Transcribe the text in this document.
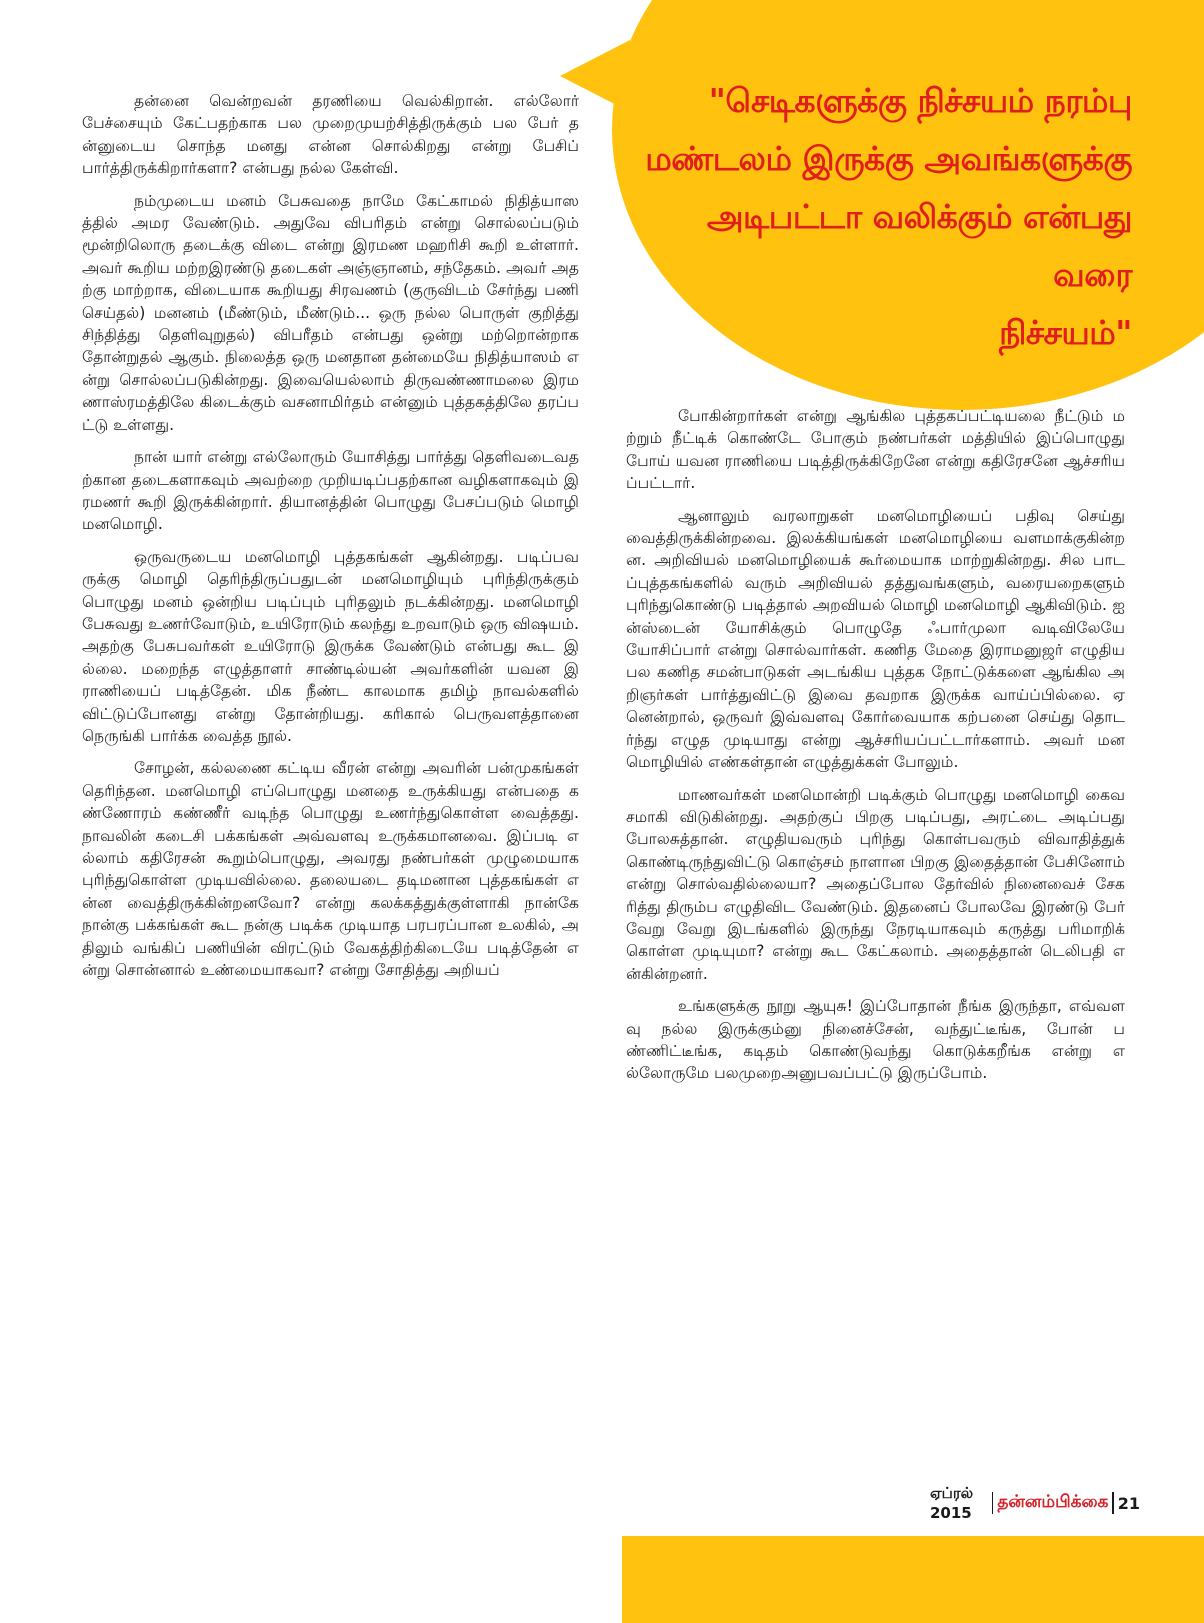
"செடிகளுக்கு நிச்சயம் நரம்பு
மண்டலம் இருக்கு அவங்களுக்கு
அடிபட்டா வலிக்கும் என்பது வரை
நிச்சயம்"

தன்னை வென்றவன் தரணியை வெல்கிறான். எல்லோர் பேச்சையும் கேட்பதற்காக பல முறைமுயற்சித்திருக்கும் பல பேர் தன்னுடைய சொந்த மனது என்ன சொல்கிறது என்று பேசிப் பார்த்திருக்கிறார்களா? என்பது நல்ல கேள்வி.

நம்முடைய மனம் பேசுவதை நாமே கேட்காமல் நிதித்யாஸத்தில் அமர வேண்டும். அதுவே விபரிதம் என்று சொல்லப்படும் மூன்றிலொரு தடைக்கு விடை என்று இரமண மஹரிசி கூறி உள்ளார். அவர் கூறிய மற்றஇரண்டு தடைகள் அஞ்ஞானம், சந்தேகம். அவர் அதற்கு மாற்றாக, விடையாக கூறியது சிரவணம் (குருவிடம் சேர்ந்து பணி செய்தல்) மனனம் (மீண்டும், மீண்டும்... ஒரு நல்ல பொருள் குறித்து சிந்தித்து தெளிவுறுதல்) விபரீதம் என்பது ஒன்று மற்றொன்றாக தோன்றுதல் ஆகும். நிலைத்த ஒரு மனதான தன்மையே நிதித்யாஸம் என்று சொல்லப்படுகின்றது. இவையெல்லாம் திருவண்ணாமலை இரமணாஸ்ரமத்திலே கிடைக்கும் வசனாமிர்தம் என்னும் புத்தகத்திலே தரப்பட்டு உள்ளது.

நான் யார் என்று எல்லோரும் யோசித்து பார்த்து தெளிவடைவதற்கான தடைகளாகவும் அவற்றை முறியடிப்பதற்கான வழிகளாகவும் இரமணர் கூறி இருக்கின்றார். தியானத்தின் பொழுது பேசப்படும் மொழி மனமொழி.

ஒருவருடைய மனமொழி புத்தகங்கள் ஆகின்றது. படிப்பவருக்கு மொழி தெரிந்திருப்பதுடன் மனமொழியும் புரிந்திருக்கும் பொழுது மனம் ஒன்றிய படிப்பும் புரிதலும் நடக்கின்றது. மனமொழி பேசுவது உணர்வோடும், உயிரோடும் கலந்து உறவாடும் ஒரு விஷயம். அதற்கு பேசுபவர்கள் உயிரோடு இருக்க வேண்டும் என்பது கூட இல்லை. மறைந்த எழுத்தாளர் சாண்டில்யன் அவர்களின் யவன இராணியைப் படித்தேன். மிக நீண்ட காலமாக தமிழ் நாவல்களில் விட்டுப்போனது என்று தோன்றியது. கரிகால் பெருவளத்தானை நெருங்கி பார்க்க வைத்த நூல்.

சோழன், கல்லணை கட்டிய வீரன் என்று அவரின் பன்முகங்கள் தெரிந்தன. மனமொழி எப்பொழுது மனதை உருக்கியது என்பதை கண்ணோரம் கண்ணீர் வடிந்த பொழுது உணர்ந்துகொள்ள வைத்தது. நாவலின் கடைசி பக்கங்கள் அவ்வளவு உருக்கமானவை. இப்படி எல்லாம் கதிரேசன் கூறும்பொழுது, அவரது நண்பர்கள் முழுமையாக புரிந்துகொள்ள முடியவில்லை. தலையடை தடிமனான புத்தகங்கள் என்ன வைத்திருக்கின்றனவோ? என்று கலக்கத்துக்குள்ளாகி நான்கே நான்கு பக்கங்கள் கூட நன்கு படிக்க முடியாத பரபரப்பான உலகில், அதிலும் வங்கிப் பணியின் விரட்டும் வேகத்திற்கிடையே படித்தேன் என்று சொன்னால் உண்மையாகவா? என்று சோதித்து அறியப்

போகின்றார்கள் என்று ஆங்கில புத்தகப்பட்டியலை நீட்டும் மற்றும் நீட்டிக் கொண்டே போகும் நண்பர்கள் மத்தியில் இப்பொழுது போய் யவன ராணியை படித்திருக்கிறேனே என்று கதிரேசனே ஆச்சரியப்பட்டார்.

ஆனாலும் வரலாறுகள் மனமொழியைப் பதிவு செய்து வைத்திருக்கின்றவை. இலக்கியங்கள் மனமொழியை வளமாக்குகின்றன. அறிவியல் மனமொழியைக் கூர்மையாக மாற்றுகின்றது. சில பாடப்புத்தகங்களில் வரும் அறிவியல் தத்துவங்களும், வரையறைகளும் புரிந்துகொண்டு படித்தால் அறவியல் மொழி மனமொழி ஆகிவிடும். ஐன்ஸ்டைன் யோசிக்கும் பொழுதே ஃபார்முலா வடிவிலேயே யோசிப்பார் என்று சொல்வார்கள். கணித மேதை இராமனுஜர் எழுதிய பல கணித சமன்பாடுகள் அடங்கிய புத்தக நோட்டுக்களை ஆங்கில அறிஞர்கள் பார்த்துவிட்டு இவை தவறாக இருக்க வாய்ப்பில்லை. ஏனென்றால், ஒருவர் இவ்வளவு கோர்வையாக கற்பனை செய்து தொடர்ந்து எழுத முடியாது என்று ஆச்சரியப்பட்டார்களாம். அவர் மனமொழியில் எண்கள்தான் எழுத்துக்கள் போலும்.

மாணவர்கள் மனமொன்றி படிக்கும் பொழுது மனமொழி கைவசமாகி விடுகின்றது. அதற்குப் பிறகு படிப்பது, அரட்டை அடிப்பது போலசுத்தான். எழுதியவரும் புரிந்து கொள்பவரும் விவாதித்துக் கொண்டிருந்துவிட்டு கொஞ்சம் நாளான பிறகு இதைத்தான் பேசினோம் என்று சொல்வதில்லையா? அதைப்போல தேர்வில் நினைவைச் சேகரித்து திரும்ப எழுதிவிட வேண்டும். இதனைப் போலவே இரண்டு பேர் வேறு வேறு இடங்களில் இருந்து நேரடியாகவும் கருத்து பரிமாறிக் கொள்ள முடியுமா? என்று கூட கேட்கலாம். அதைத்தான் டெலிபதி என்கின்றனர்.

உங்களுக்கு நூறு ஆயுசு! இப்போதான் நீங்க இருந்தா, எவ்வளவு நல்ல இருக்கும்னு நினைச்சேன், வந்துட்டீங்க, போன் பண்ணிட்டீங்க, கடிதம் கொண்டுவந்து கொடுக்கறீங்க என்று எல்லோருமே பலமுறைஅனுபவப்பட்டு இருப்போம்.

ஏப்ரல் 2015
தன்னம்பிக்கை 21
